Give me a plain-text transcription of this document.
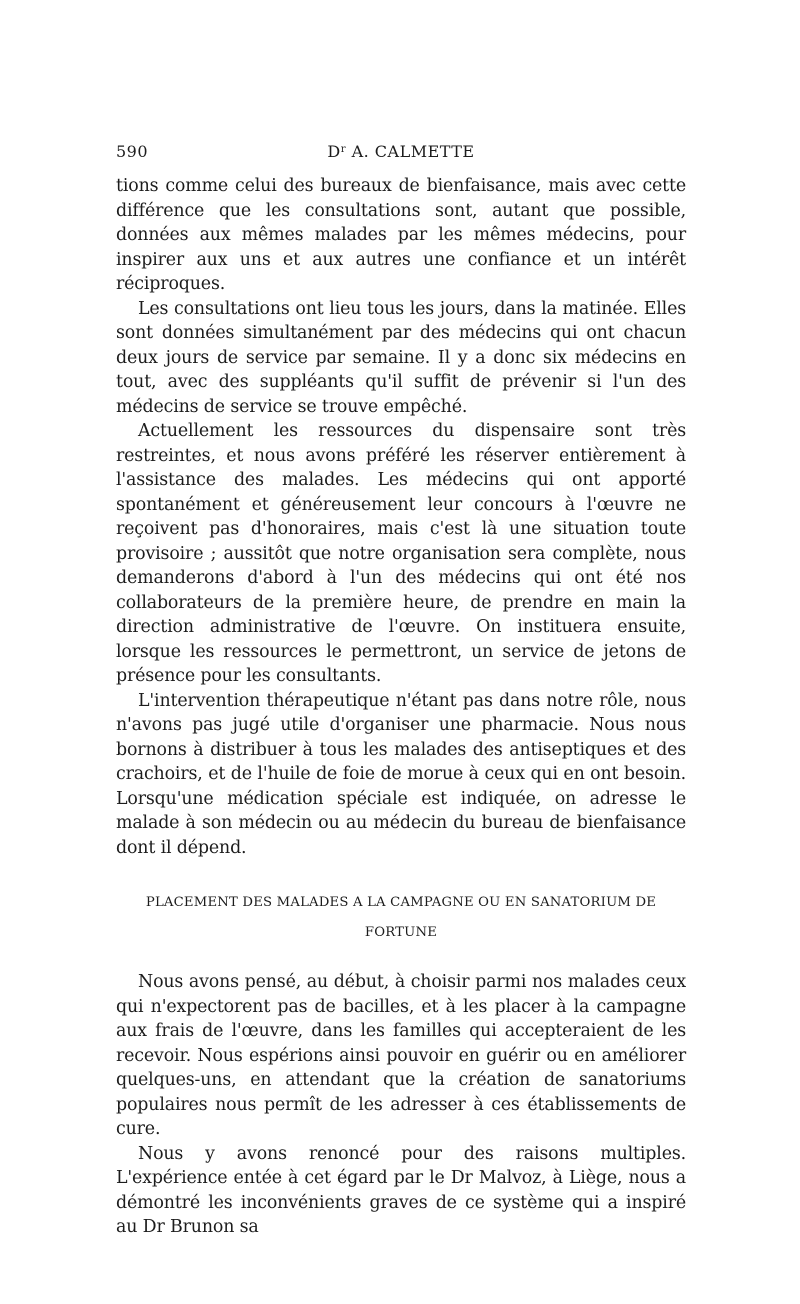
590	$D^r$ A. CALMETTE

tions comme celui des bureaux de bienfaisance, mais avec cette différence que les consultations sont, autant que possible, données aux mêmes malades par les mêmes médecins, pour inspirer aux uns et aux autres une confiance et un intérêt réciproques.

Les consultations ont lieu tous les jours, dans la matinée. Elles sont données simultanément par des médecins qui ont chacun deux jours de service par semaine. Il y a donc six médecins en tout, avec des suppléants qu'il suffit de prévenir si l'un des médecins de service se trouve empêché.

Actuellement les ressources du dispensaire sont très restreintes, et nous avons préféré les réserver entièrement à l'assistance des malades. Les médecins qui ont apporté spontanément et généreusement leur concours à l'œuvre ne reçoivent pas d'honoraires, mais c'est là une situation toute provisoire ; aussitôt que notre organisation sera complète, nous demanderons d'abord à l'un des médecins qui ont été nos collaborateurs de la première heure, de prendre en main la direction administrative de l'œuvre. On instituera ensuite, lorsque les ressources le permettront, un service de jetons de présence pour les consultants.

L'intervention thérapeutique n'étant pas dans notre rôle, nous n'avons pas jugé utile d'organiser une pharmacie. Nous nous bornons à distribuer à tous les malades des antiseptiques et des crachoirs, et de l'huile de foie de morue à ceux qui en ont besoin. Lorsqu'une médication spéciale est indiquée, on adresse le malade à son médecin ou au médecin du bureau de bienfaisance dont il dépend.

PLACEMENT DES MALADES A LA CAMPAGNE OU EN SANATORIUM DE
FORTUNE

Nous avons pensé, au début, à choisir parmi nos malades ceux qui n'expectorent pas de bacilles, et à les placer à la campagne aux frais de l'œuvre, dans les familles qui accepteraient de les recevoir. Nous espérions ainsi pouvoir en guérir ou en améliorer quelques-uns, en attendant que la création de sanatoriums populaires nous permît de les adresser à ces établissements de cure.

Nous y avons renoncé pour des raisons multiples. L'expérience entée à cet égard par le Dr Malvoz, à Liège, nous a démontré les inconvénients graves de ce système qui a inspiré au Dr Brunon sa
